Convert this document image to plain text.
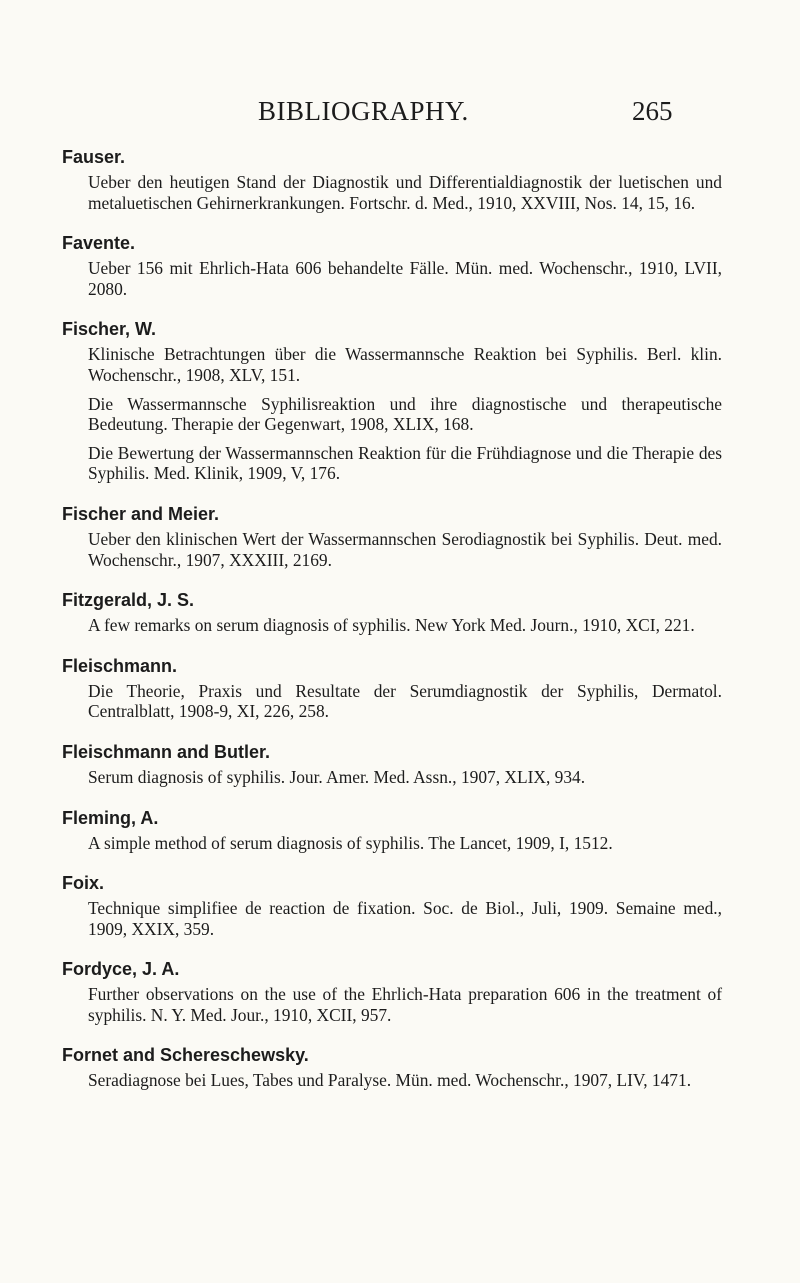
BIBLIOGRAPHY.	265
Fauser.
Ueber den heutigen Stand der Diagnostik und Differentialdiagnostik der luetischen und metaluetischen Gehirnerkrankungen. Fortschr. d. Med., 1910, XXVIII, Nos. 14, 15, 16.
Favente.
Ueber 156 mit Ehrlich-Hata 606 behandelte Fälle. Mün. med. Wochenschr., 1910, LVII, 2080.
Fischer, W.
Klinische Betrachtungen über die Wassermannsche Reaktion bei Syphilis. Berl. klin. Wochenschr., 1908, XLV, 151.
Die Wassermannsche Syphilisreaktion und ihre diagnostische und therapeutische Bedeutung. Therapie der Gegenwart, 1908, XLIX, 168.
Die Bewertung der Wassermannschen Reaktion für die Frühdiagnose und die Therapie des Syphilis. Med. Klinik, 1909, V, 176.
Fischer and Meier.
Ueber den klinischen Wert der Wassermannschen Serodiagnostik bei Syphilis. Deut. med. Wochenschr., 1907, XXXIII, 2169.
Fitzgerald, J. S.
A few remarks on serum diagnosis of syphilis. New York Med. Journ., 1910, XCI, 221.
Fleischmann.
Die Theorie, Praxis und Resultate der Serumdiagnostik der Syphilis, Dermatol. Centralblatt, 1908-9, XI, 226, 258.
Fleischmann and Butler.
Serum diagnosis of syphilis. Jour. Amer. Med. Assn., 1907, XLIX, 934.
Fleming, A.
A simple method of serum diagnosis of syphilis. The Lancet, 1909, I, 1512.
Foix.
Technique simplifiee de reaction de fixation. Soc. de Biol., Juli, 1909. Semaine med., 1909, XXIX, 359.
Fordyce, J. A.
Further observations on the use of the Ehrlich-Hata preparation 606 in the treatment of syphilis. N. Y. Med. Jour., 1910, XCII, 957.
Fornet and Schereschewsky.
Seradiagnose bei Lues, Tabes und Paralyse. Mün. med. Wochenschr., 1907, LIV, 1471.
